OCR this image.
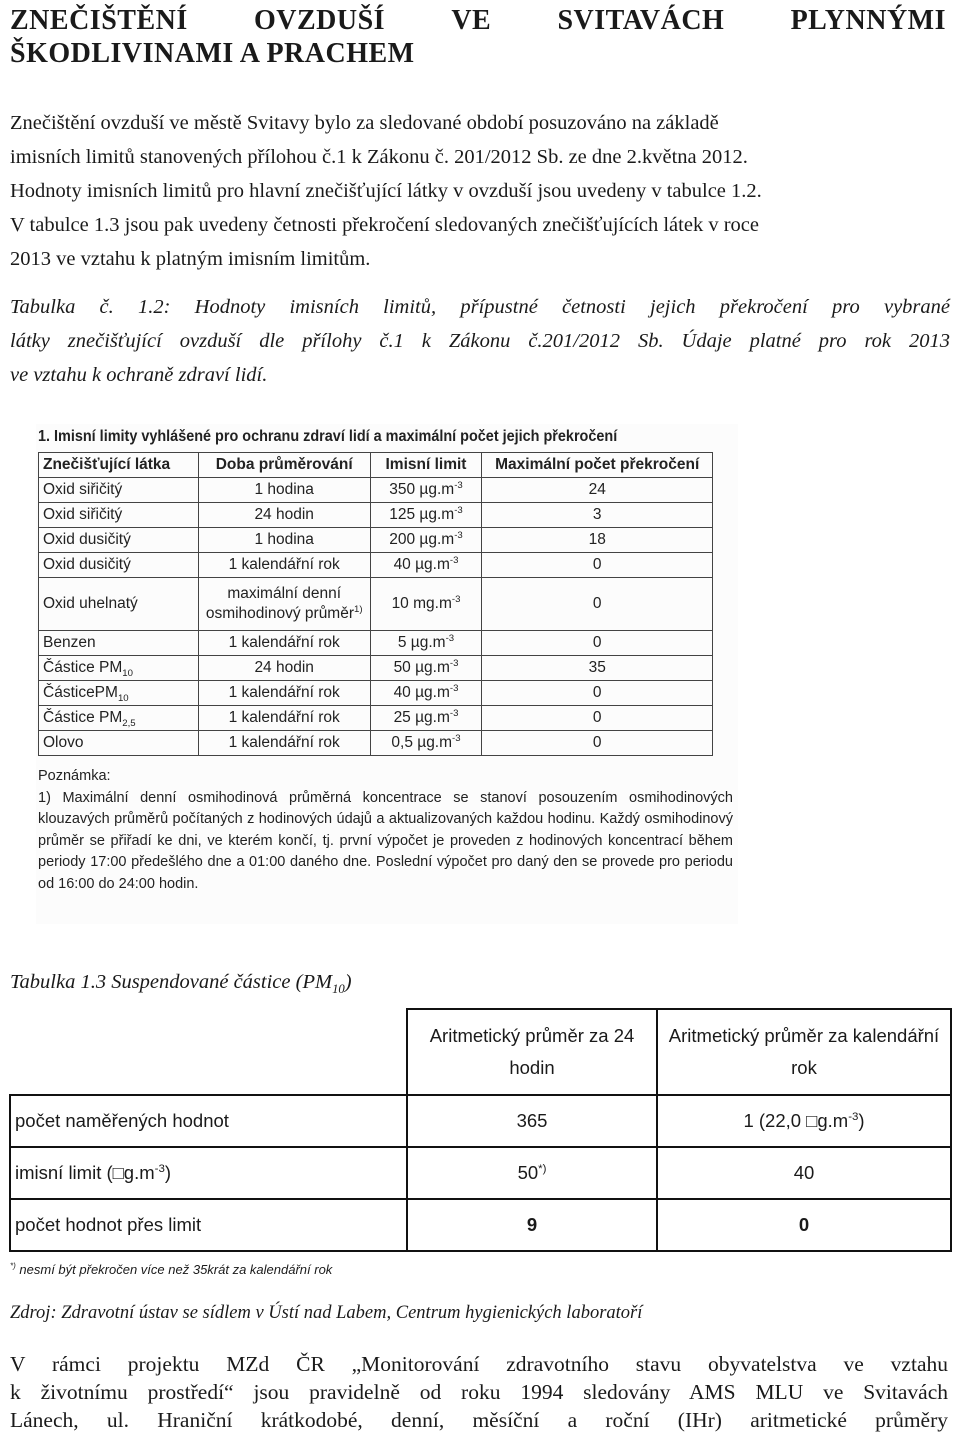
ZNEČIŠTĚNÍ OVZDUŠÍ VE SVITAVÁCH PLYNNÝMI
ŠKODLIVINAMI A PRACHEM
Znečištění ovzduší ve městě Svitavy bylo za sledované období posuzováno na základě
imisních limitů stanovených přílohou č.1 k Zákonu č. 201/2012 Sb. ze dne 2.května 2012.
Hodnoty imisních limitů pro hlavní znečišťující látky v ovzduší jsou uvedeny v tabulce 1.2.
V tabulce 1.3 jsou pak uvedeny četnosti překročení sledovaných znečišťujících látek v roce
2013 ve vztahu k platným imisním limitům.
Tabulka č. 1.2: Hodnoty imisních limitů, přípustné četnosti jejich překročení pro vybrané
látky znečišťující ovzduší dle přílohy č.1 k Zákonu č.201/2012 Sb. Údaje platné pro rok 2013
ve vztahu k ochraně zdraví lidí.
1. Imisní limity vyhlášené pro ochranu zdraví lidí a maximální počet jejich překročení
Znečišťující látka	Doba průměrování	Imisní limit	Maximální počet překročení
Oxid siřičitý	1 hodina	350 $\mu g.m^{-3}$	24
Oxid siřičitý	24 hodin	125 $\mu g.m^{-3}$	3
Oxid dusičitý	1 hodina	200 $\mu g.m^{-3}$	18
Oxid dusičitý	1 kalendářní rok	40 $\mu g.m^{-3}$	0
Oxid uhelnatý	maximální denní osmihodinový průměr$^{1)}$	10 $mg.m^{-3}$	0
Benzen	1 kalendářní rok	5 $\mu g.m^{-3}$	0
Částice $PM_{10}$	24 hodin	50 $\mu g.m^{-3}$	35
ČásticePM$_{10}$	1 kalendářní rok	40 $\mu g.m^{-3}$	0
Částice $PM_{2,5}$	1 kalendářní rok	25 $\mu g.m^{-3}$	0
Olovo	1 kalendářní rok	0,5 $\mu g.m^{-3}$	0
Poznámka:
1) Maximální denní osmihodinová průměrná koncentrace se stanoví posouzením osmihodinových klouzavých průměrů počítaných z hodinových údajů a aktualizovaných každou hodinu. Každý osmihodinový průměr se přiřadí ke dni, ve kterém končí, tj. první výpočet je proveden z hodinových koncentrací během periody 17:00 předešlého dne a 01:00 daného dne. Poslední výpočet pro daný den se provede pro periodu od 16:00 do 24:00 hodin.
Tabulka 1.3 Suspendované částice $(PM_{10})$
	Aritmetický průměr za 24 hodin	Aritmetický průměr za kalendářní rok
počet naměřených hodnot	365	1 (22,0 $□g.m^{-3}$)
imisní limit $(□g.m^{-3})$	50*)	40
počet hodnot přes limit	9	0
*) nesmí být překročen více než 35krát za kalendářní rok
Zdroj: Zdravotní ústav se sídlem v Ústí nad Labem, Centrum hygienických laboratoří
V rámci projektu MZd ČR „Monitorování zdravotního stavu obyvatelstva ve vztahu
k životnímu prostředí“ jsou pravidelně od roku 1994 sledovány AMS MLU ve Svitavách
Lánech, ul. Hraniční krátkodobé, denní, měsíční a roční (IHr) aritmetické průměry
